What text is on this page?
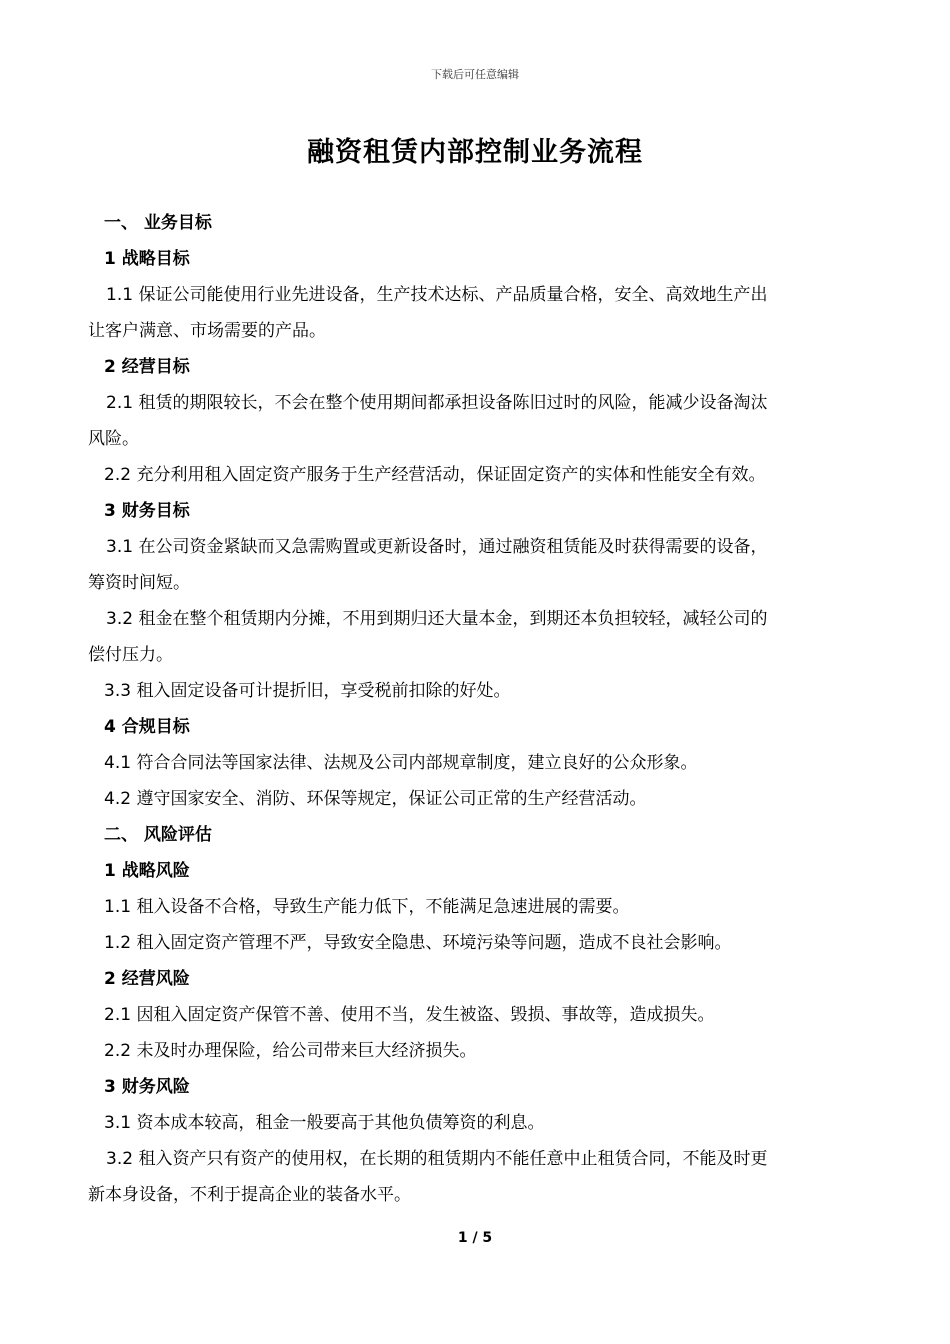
下载后可任意编辑
融资租赁内部控制业务流程
一、 业务目标
1 战略目标
1.1 保证公司能使用行业先进设备，生产技术达标、产品质量合格，安全、高效地生产出
让客户满意、市场需要的产品。
2 经营目标
2.1 租赁的期限较长，不会在整个使用期间都承担设备陈旧过时的风险，能减少设备淘汰
风险。
2.2 充分利用租入固定资产服务于生产经营活动，保证固定资产的实体和性能安全有效。
3 财务目标
3.1 在公司资金紧缺而又急需购置或更新设备时，通过融资租赁能及时获得需要的设备，
筹资时间短。
3.2 租金在整个租赁期内分摊，不用到期归还大量本金，到期还本负担较轻，减轻公司的
偿付压力。
3.3 租入固定设备可计提折旧，享受税前扣除的好处。
4 合规目标
4.1 符合合同法等国家法律、法规及公司内部规章制度，建立良好的公众形象。
4.2 遵守国家安全、消防、环保等规定，保证公司正常的生产经营活动。
二、 风险评估
1 战略风险
1.1 租入设备不合格，导致生产能力低下，不能满足急速进展的需要。
1.2 租入固定资产管理不严，导致安全隐患、环境污染等问题，造成不良社会影响。
2 经营风险
2.1 因租入固定资产保管不善、使用不当，发生被盗、毁损、事故等，造成损失。
2.2 未及时办理保险，给公司带来巨大经济损失。
3 财务风险
3.1 资本成本较高，租金一般要高于其他负债筹资的利息。
3.2 租入资产只有资产的使用权，在长期的租赁期内不能任意中止租赁合同，不能及时更
新本身设备，不利于提高企业的装备水平。
1 / 5
